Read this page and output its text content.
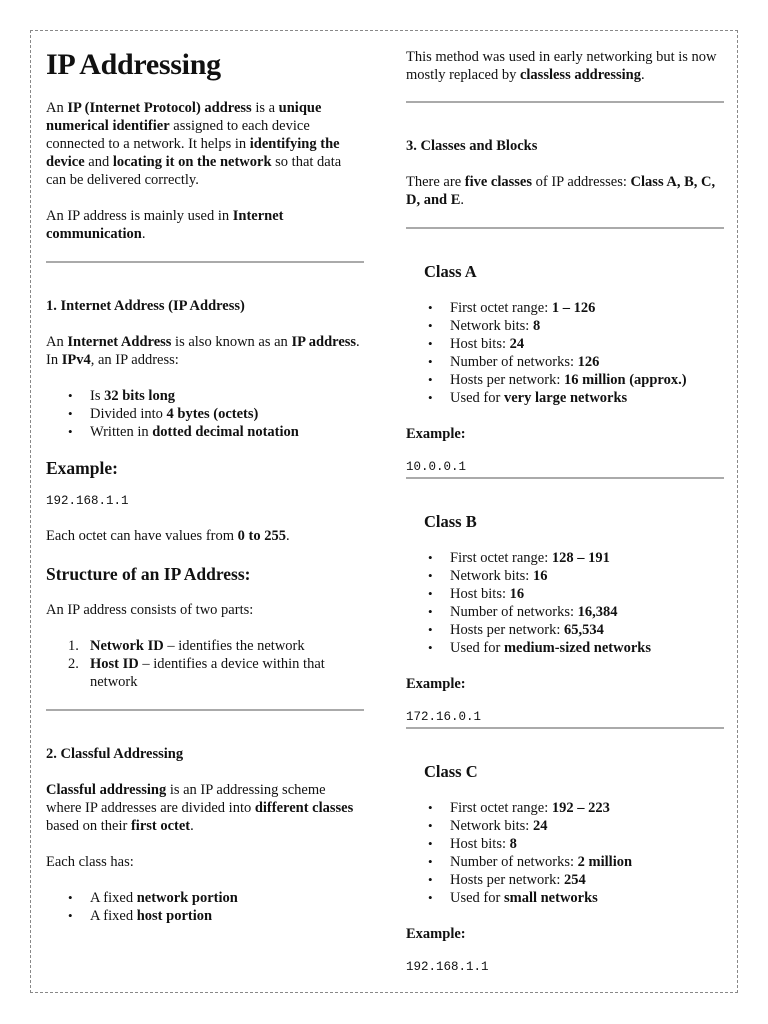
IP Addressing

An IP (Internet Protocol) address is a unique numerical identifier assigned to each device connected to a network. It helps in identifying the device and locating it on the network so that data can be delivered correctly.

An IP address is mainly used in Internet communication.

1. Internet Address (IP Address)

An Internet Address is also known as an IP address. In IPv4, an IP address:

• Is 32 bits long
• Divided into 4 bytes (octets)
• Written in dotted decimal notation
Example:
192.168.1.1

Each octet can have values from 0 to 255.

Structure of an IP Address:

An IP address consists of two parts:

1. Network ID – identifies the network
2. Host ID – identifies a device within that network
2. Classful Addressing

Classful addressing is an IP addressing scheme where IP addresses are divided into different classes based on their first octet.

Each class has:

• A fixed network portion
• A fixed host portion

This method was used in early networking but is now mostly replaced by classless addressing.

3. Classes and Blocks

There are five classes of IP addresses: Class A, B, C, D, and E.

Class A
• First octet range: 1 – 126
• Network bits: 8
• Host bits: 24
• Number of networks: 126
• Hosts per network: 16 million (approx.)
• Used for very large networks
Example:
10.0.0.1
Class B
• First octet range: 128 – 191
• Network bits: 16
• Host bits: 16
• Number of networks: 16,384
• Hosts per network: 65,534
• Used for medium-sized networks
Example:
172.16.0.1
Class C
• First octet range: 192 – 223
• Network bits: 24
• Host bits: 8
• Number of networks: 2 million
• Hosts per network: 254
• Used for small networks
Example:
192.168.1.1
